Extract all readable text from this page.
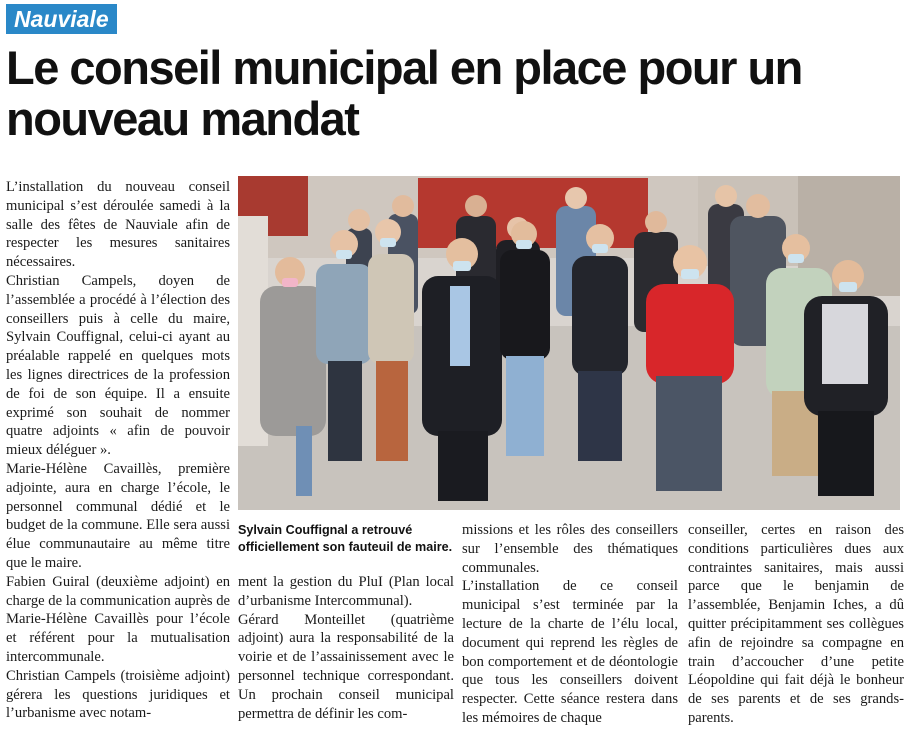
Nauviale
Le conseil municipal en place pour un nouveau mandat

L’installation du nouveau conseil municipal s’est déroulée samedi à la salle des fêtes de Nauviale afin de respecter les mesures sanitaires nécessaires.

Christian Campels, doyen de l’assemblée a procédé à l’élection des conseillers puis à celle du maire, Sylvain Couffignal, celui-ci ayant au préalable rappelé en quelques mots les lignes directrices de la profession de foi de son équipe. Il a ensuite exprimé son souhait de nommer quatre adjoints « afin de pouvoir mieux déléguer ».

Marie-Hélène Cavaillès, première adjointe, aura en charge l’école, le personnel communal dédié et le budget de la commune. Elle sera aussi élue communautaire au même titre que le maire.

Fabien Guiral (deuxième adjoint) en charge de la communication auprès de Marie-Hélène Cavaillès pour l’école et référent pour la mutualisation intercommunale.

Christian Campels (troisième adjoint) gérera les questions juridiques et l’urbanisme avec notam-

Sylvain Couffignal a retrouvé officiellement son fauteuil de maire.

ment la gestion du PluI (Plan local d’urbanisme Intercommunal).

Gérard Monteillet (quatrième adjoint) aura la responsabilité de la voirie et de l’assainissement avec le personnel technique correspondant. Un prochain conseil municipal permettra de définir les com-

missions et les rôles des conseillers sur l’ensemble des thématiques communales.

L’installation de ce conseil municipal s’est terminée par la lecture de la charte de l’élu local, document qui reprend les règles de bon comportement et de déontologie que tous les conseillers doivent respecter. Cette séance restera dans les mémoires de chaque

conseiller, certes en raison des conditions particulières dues aux contraintes sanitaires, mais aussi parce que le benjamin de l’assemblée, Benjamin Iches, a dû quitter précipitamment ses collègues afin de rejoindre sa compagne en train d’accoucher d’une petite Léopoldine qui fait déjà le bonheur de ses parents et de ses grands-parents.
